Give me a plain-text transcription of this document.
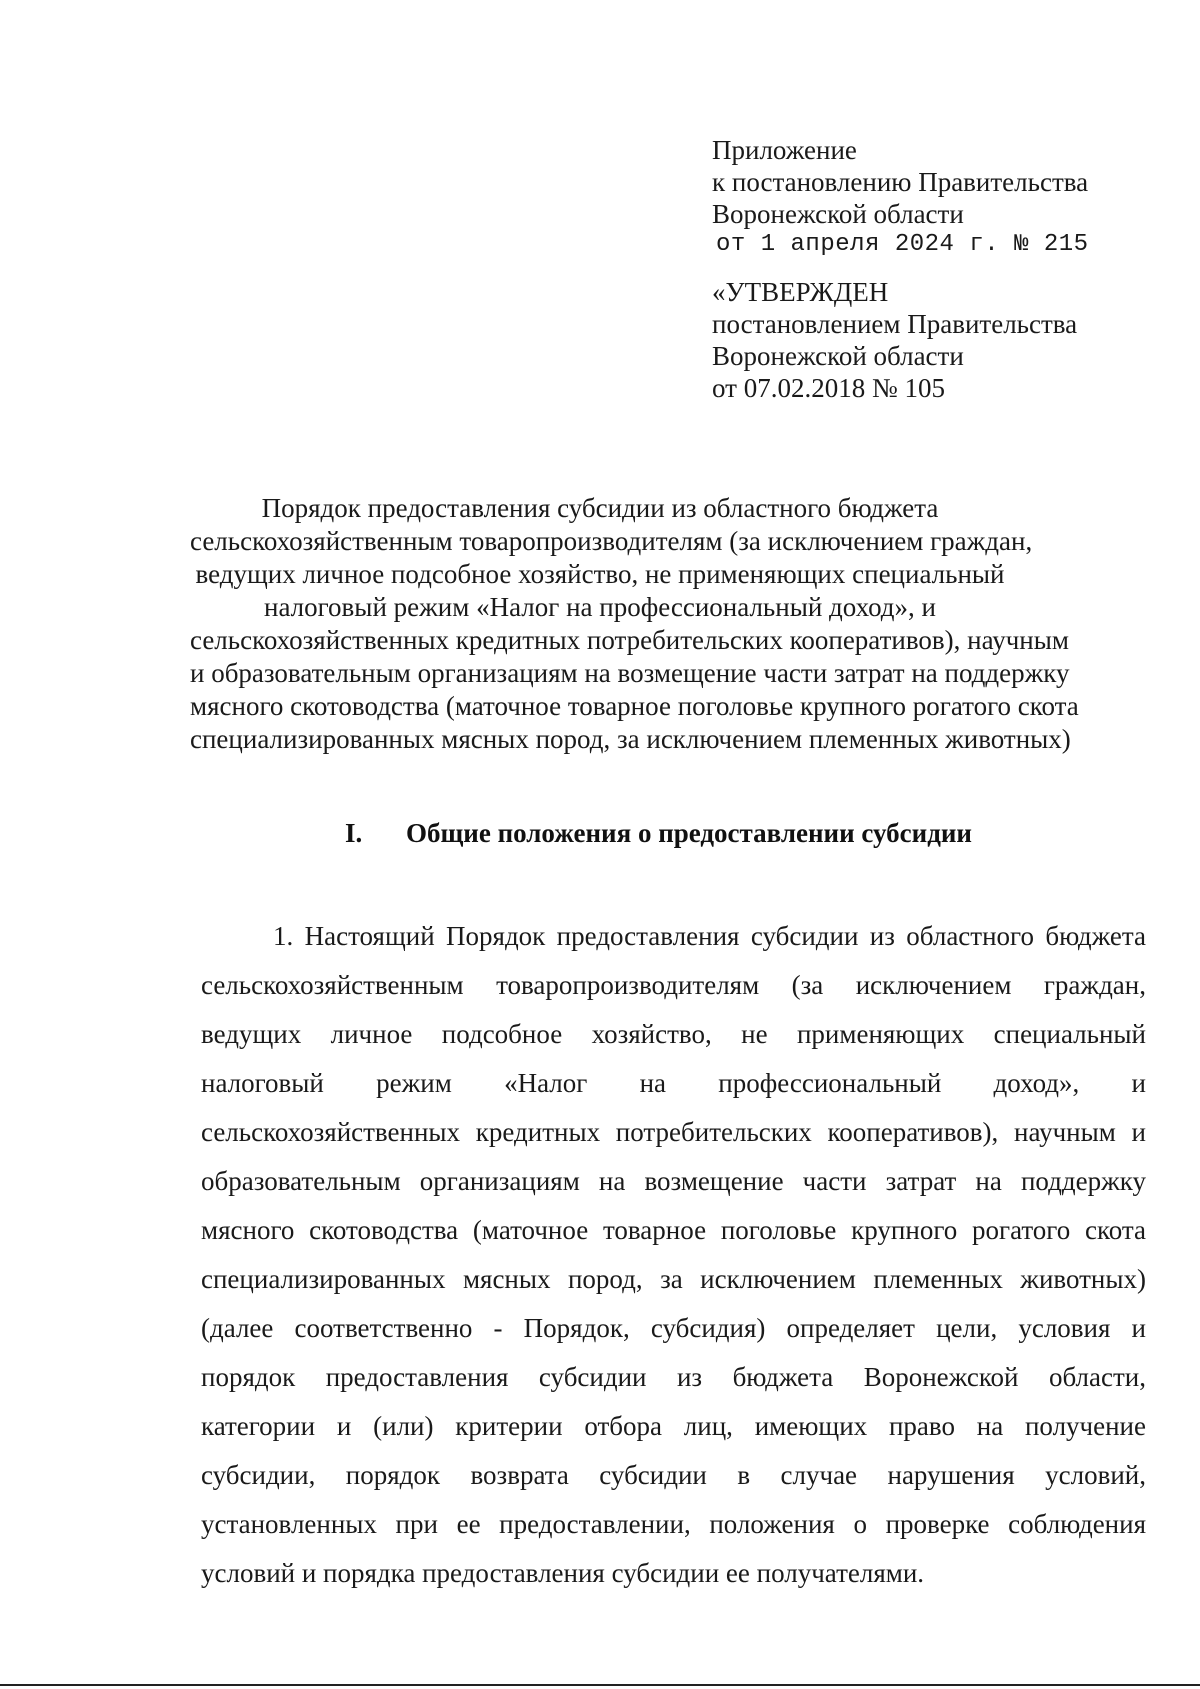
Приложение
к постановлению Правительства
Воронежской области
от 1 апреля 2024 г. № 215
«УТВЕРЖДЕН
постановлением Правительства
Воронежской области
от 07.02.2018 № 105
Порядок предоставления субсидии из областного бюджета
сельскохозяйственным товаропроизводителям (за исключением граждан,
ведущих личное подсобное хозяйство, не применяющих специальный
налоговый режим «Налог на профессиональный доход», и
сельскохозяйственных кредитных потребительских кооперативов), научным
и образовательным организациям на возмещение части затрат на поддержку
мясного скотоводства (маточное товарное поголовье крупного рогатого скота
специализированных мясных пород, за исключением племенных животных)
I. Общие положения о предоставлении субсидии
1. Настоящий Порядок предоставления субсидии из областного бюджета
сельскохозяйственным товаропроизводителям (за исключением граждан,
ведущих личное подсобное хозяйство, не применяющих специальный
налоговый режим «Налог на профессиональный доход», и
сельскохозяйственных кредитных потребительских кооперативов), научным и
образовательным организациям на возмещение части затрат на поддержку
мясного скотоводства (маточное товарное поголовье крупного рогатого скота
специализированных мясных пород, за исключением племенных животных)
(далее соответственно - Порядок, субсидия) определяет цели, условия и
порядок предоставления субсидии из бюджета Воронежской области,
категории и (или) критерии отбора лиц, имеющих право на получение
субсидии, порядок возврата субсидии в случае нарушения условий,
установленных при ее предоставлении, положения о проверке соблюдения
условий и порядка предоставления субсидии ее получателями.
